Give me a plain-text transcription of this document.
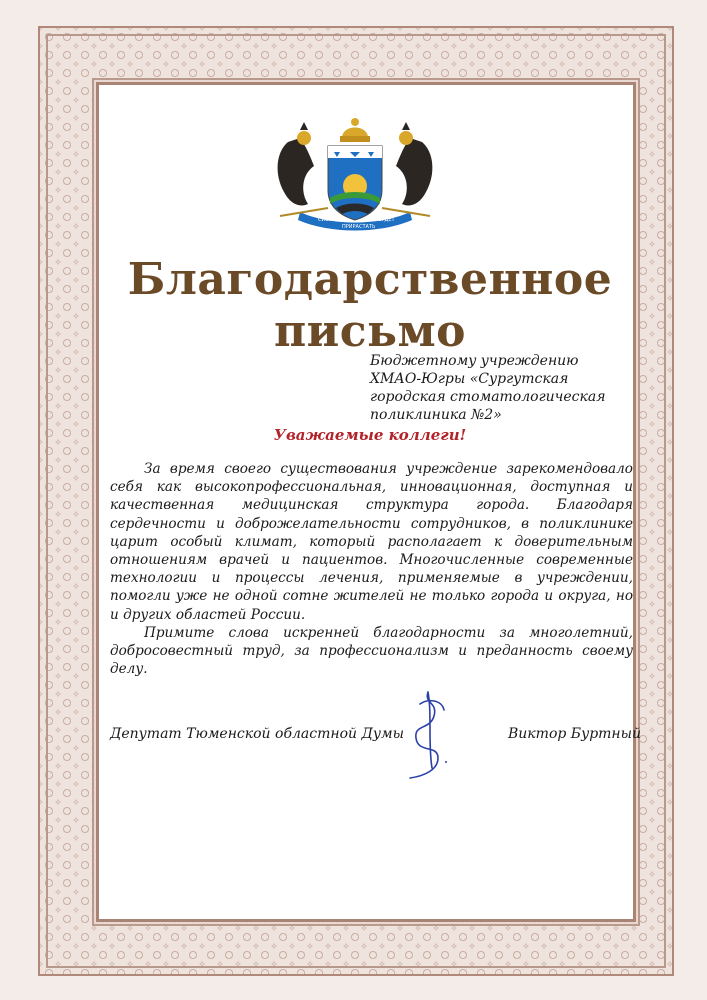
СИБИРЬ
ПРИРАСТАТЬ
БУДЕТ
Благодарственное
письмо
Бюджетному учреждению ХМАО-Югры «Сургутская городская стоматологическая поликлиника №2»
Уважаемые коллеги!

За время своего существования учреждение зарекомендовало себя как высокопрофессиональная, инновационная, доступная и качественная медицинская структура города. Благодаря сердечности и доброжелательности сотрудников, в поликлинике царит особый климат, который располагает к доверительным отношениям врачей и пациентов. Многочисленные современные технологии и процессы лечения, применяемые в учреждении, помогли уже не одной сотне жителей не только города и округа, но и других областей России.

Примите слова искренней благодарности за многолетний, добросовестный труд, за профессионализм и преданность своему делу.

Депутат Тюменской областной Думы	Виктор Буртный
